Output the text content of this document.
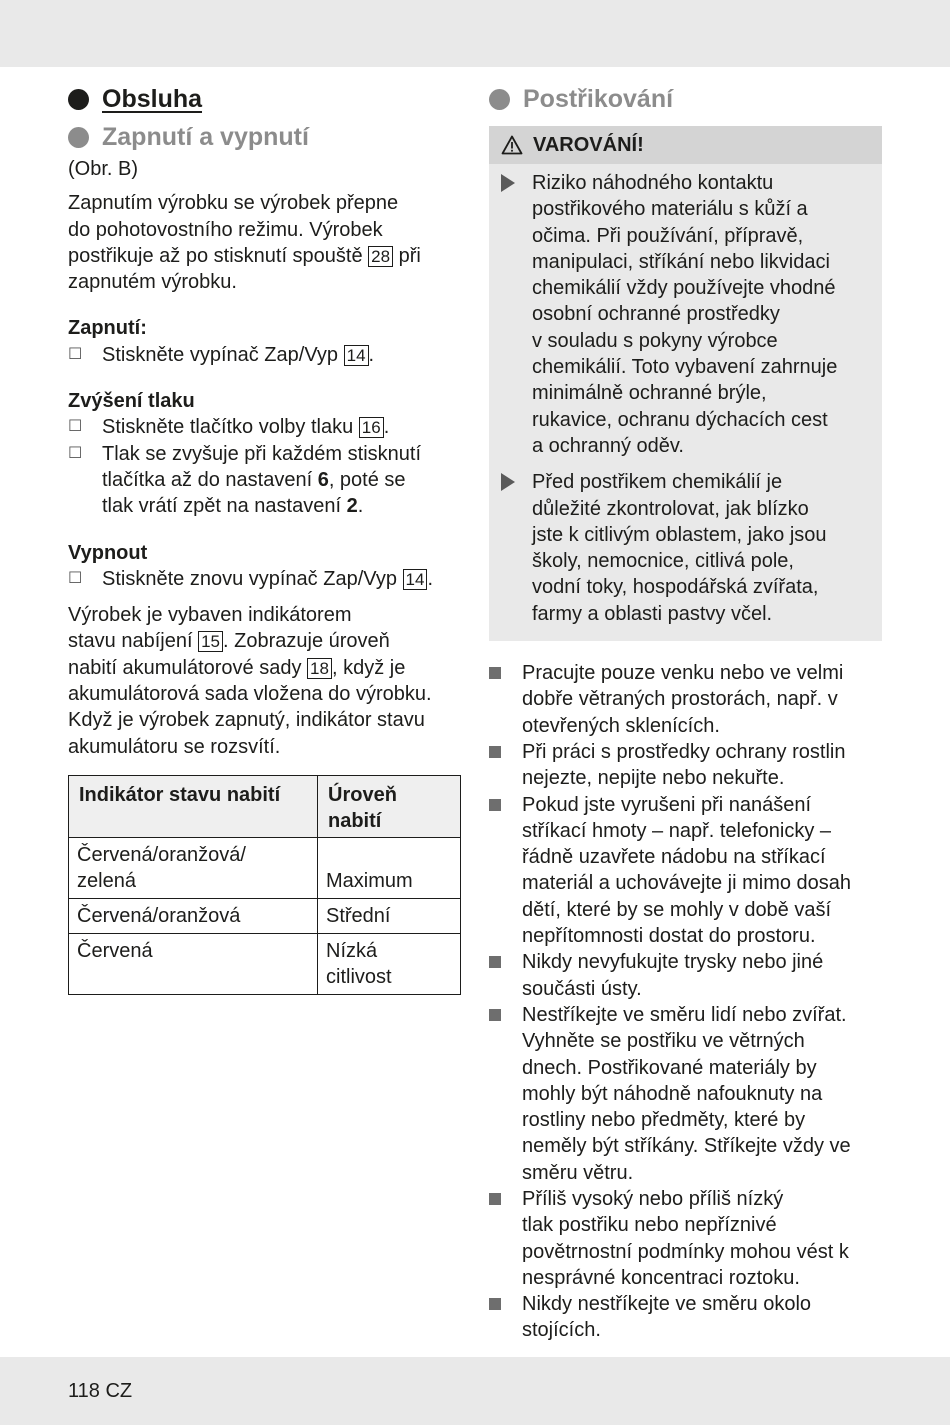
Obsluha
Zapnutí a vypnutí

(Obr. B)

Zapnutím výrobku se výrobek přepne
do pohotovostního režimu. Výrobek
postřikuje až po stisknutí spouště 28 při
zapnutém výrobku.

Zapnutí:

☐ Stiskněte vypínač Zap/Vyp 14 .

Zvýšení tlaku

☐ Stiskněte tlačítko volby tlaku 16 .
☐ Tlak se zvyšuje při každém stisknutí
tlačítka až do nastavení 6, poté se
tlak vrátí zpět na nastavení 2.

Vypnout

☐ Stiskněte znovu vypínač Zap/Vyp 14 .

Výrobek je vybaven indikátorem
stavu nabíjení 15 . Zobrazuje úroveň
nabití akumulátorové sady 18 , když je
akumulátorová sada vložena do výrobku.
Když je výrobek zapnutý, indikátor stavu
akumulátoru se rozsvítí.

Indikátor stavu nabití	Úroveň
nabití
Červená/oranžová/
zelená	Maximum
Červená/oranžová	Střední
Červená	Nízká
citlivost
Postřikování
VAROVÁNÍ!
Riziko náhodného kontaktu
postřikového materiálu s kůží a
očima. Při používání, přípravě,
manipulaci, stříkání nebo likvidaci
chemikálií vždy používejte vhodné
osobní ochranné prostředky
v souladu s pokyny výrobce
chemikálií. Toto vybavení zahrnuje
minimálně ochranné brýle,
rukavice, ochranu dýchacích cest
a ochranný oděv.
Před postřikem chemikálií je
důležité zkontrolovat, jak blízko
jste k citlivým oblastem, jako jsou
školy, nemocnice, citlivá pole,
vodní toky, hospodářská zvířata,
farmy a oblasti pastvy včel.
Pracujte pouze venku nebo ve velmi
dobře větraných prostorách, např. v
otevřených sklenících.
Při práci s prostředky ochrany rostlin
nejezte, nepijte nebo nekuřte.
Pokud jste vyrušeni při nanášení
stříkací hmoty – např. telefonicky –
řádně uzavřete nádobu na stříkací
materiál a uchovávejte ji mimo dosah
dětí, které by se mohly v době vaší
nepřítomnosti dostat do prostoru.
Nikdy nevyfukujte trysky nebo jiné
součásti ústy.
Nestříkejte ve směru lidí nebo zvířat.
Vyhněte se postřiku ve větrných
dnech. Postřikované materiály by
mohly být náhodně nafouknuty na
rostliny nebo předměty, které by
neměly být stříkány. Stříkejte vždy ve
směru větru.
Příliš vysoký nebo příliš nízký
tlak postřiku nebo nepříznivé
povětrnostní podmínky mohou vést k
nesprávné koncentraci roztoku.
Nikdy nestříkejte ve směru okolo
stojících.
118 CZ
